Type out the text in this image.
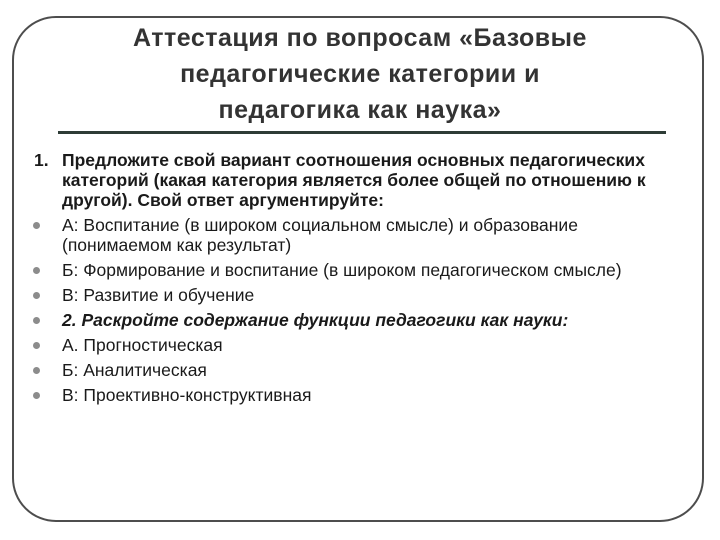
Аттестация по вопросам «Базовые
педагогические категории и
педагогика как наука»
1. Предложите свой вариант соотношения основных педагогических категорий (какая категория является более общей по отношению к другой). Свой ответ аргументируйте:
А: Воспитание (в широком социальном смысле) и образование (понимаемом как результат)
Б: Формирование и воспитание (в широком педагогическом смысле)
В: Развитие и обучение
2. Раскройте содержание функции педагогики как науки:
А. Прогностическая
Б: Аналитическая
В: Проективно-конструктивная
